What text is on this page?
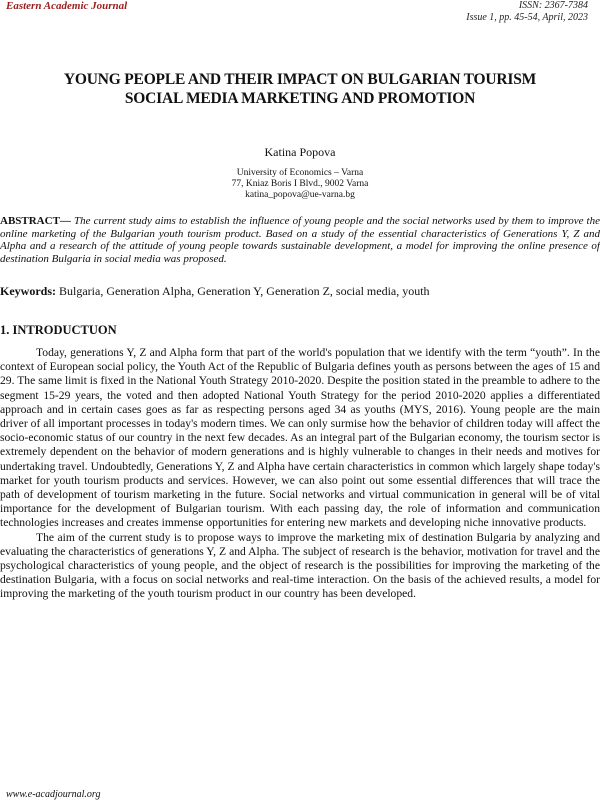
Eastern Academic Journal	ISSN: 2367-7384
Issue 1, pp. 45-54, April, 2023
YOUNG PEOPLE AND THEIR IMPACT ON BULGARIAN TOURISM
SOCIAL MEDIA MARKETING AND PROMOTION
Katina Popova
University of Economics – Varna
77, Kniaz Boris I Blvd., 9002 Varna
katina_popova@ue-varna.bg
ABSTRACT— The current study aims to establish the influence of young people and the social networks used by them to improve the online marketing of the Bulgarian youth tourism product. Based on a study of the essential characteristics of Generations Y, Z and Alpha and a research of the attitude of young people towards sustainable development, a model for improving the online presence of destination Bulgaria in social media was proposed.
Keywords: Bulgaria, Generation Alpha, Generation Y, Generation Z, social media, youth
1. INTRODUCTUON

Today, generations Y, Z and Alpha form that part of the world's population that we identify with the term “youth”. In the context of European social policy, the Youth Act of the Republic of Bulgaria defines youth as persons between the ages of 15 and 29. The same limit is fixed in the National Youth Strategy 2010-2020. Despite the position stated in the preamble to adhere to the segment 15-29 years, the voted and then adopted National Youth Strategy for the period 2010-2020 applies a differentiated approach and in certain cases goes as far as respecting persons aged 34 as youths (MYS, 2016). Young people are the main driver of all important processes in today's modern times. We can only surmise how the behavior of children today will affect the socio-economic status of our country in the next few decades. As an integral part of the Bulgarian economy, the tourism sector is extremely dependent on the behavior of modern generations and is highly vulnerable to changes in their needs and motives for undertaking travel. Undoubtedly, Generations Y, Z and Alpha have certain characteristics in common which largely shape today's market for youth tourism products and services. However, we can also point out some essential differences that will trace the path of development of tourism marketing in the future. Social networks and virtual communication in general will be of vital importance for the development of Bulgarian tourism. With each passing day, the role of information and communication technologies increases and creates immense opportunities for entering new markets and developing niche innovative products.

The aim of the current study is to propose ways to improve the marketing mix of destination Bulgaria by analyzing and evaluating the characteristics of generations Y, Z and Alpha. The subject of research is the behavior, motivation for travel and the psychological characteristics of young people, and the object of research is the possibilities for improving the marketing of the destination Bulgaria, with a focus on social networks and real-time interaction. On the basis of the achieved results, a model for improving the marketing of the youth tourism product in our country has been developed.

www.e-acadjournal.org
